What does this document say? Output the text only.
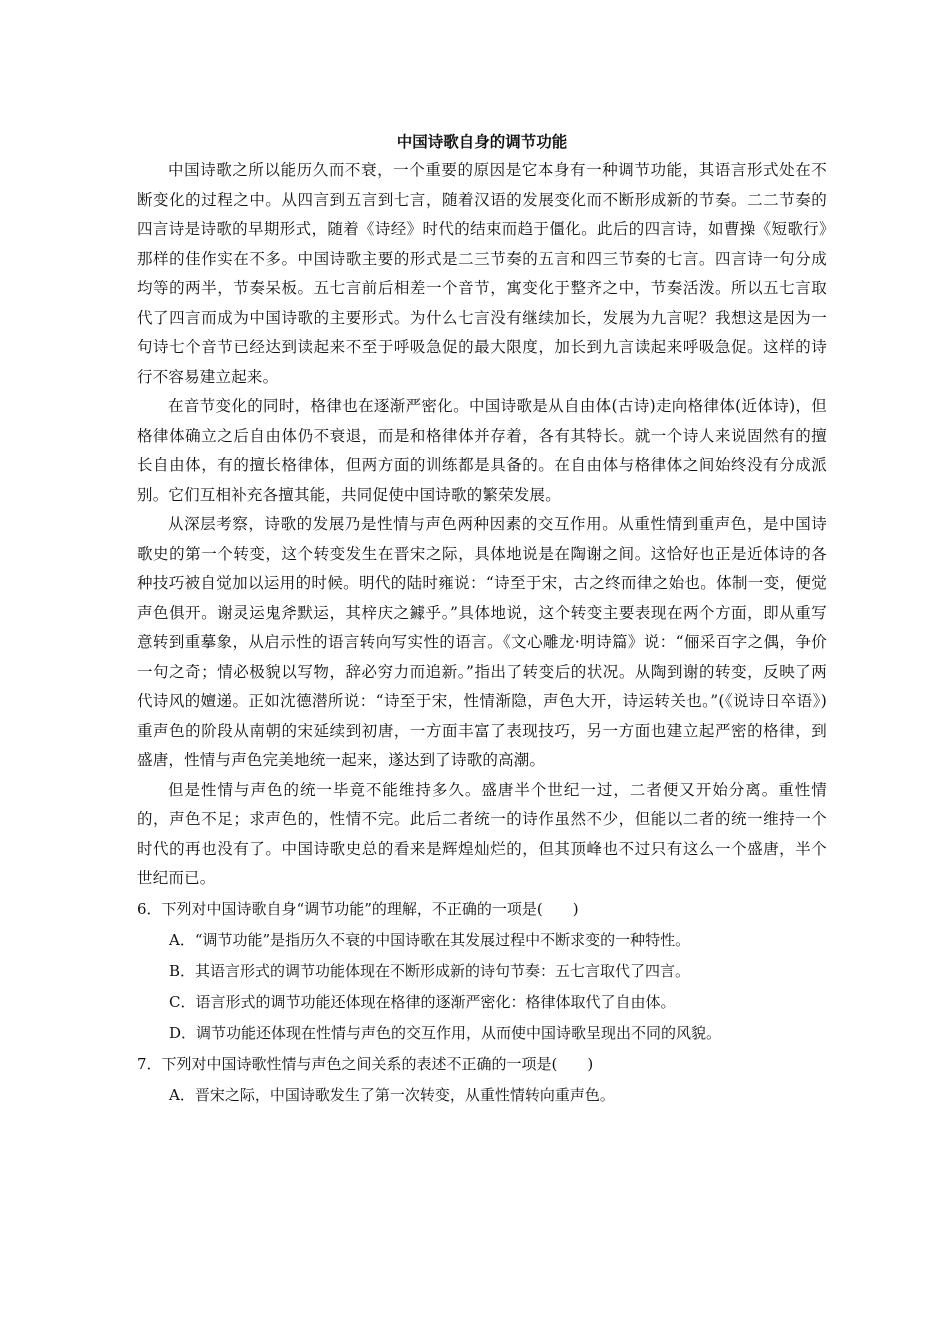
中国诗歌自身的调节功能

中国诗歌之所以能历久而不衰，一个重要的原因是它本身有一种调节功能，其语言形式处在不断变化的过程之中。从四言到五言到七言，随着汉语的发展变化而不断形成新的节奏。二二节奏的四言诗是诗歌的早期形式，随着《诗经》时代的结束而趋于僵化。此后的四言诗，如曹操《短歌行》那样的佳作实在不多。中国诗歌主要的形式是二三节奏的五言和四三节奏的七言。四言诗一句分成均等的两半，节奏呆板。五七言前后相差一个音节，寓变化于整齐之中，节奏活泼。所以五七言取代了四言而成为中国诗歌的主要形式。为什么七言没有继续加长，发展为九言呢？我想这是因为一句诗七个音节已经达到读起来不至于呼吸急促的最大限度，加长到九言读起来呼吸急促。这样的诗行不容易建立起来。

在音节变化的同时，格律也在逐渐严密化。中国诗歌是从自由体(古诗)走向格律体(近体诗)，但格律体确立之后自由体仍不衰退，而是和格律体并存着，各有其特长。就一个诗人来说固然有的擅长自由体，有的擅长格律体，但两方面的训练都是具备的。在自由体与格律体之间始终没有分成派别。它们互相补充各擅其能，共同促使中国诗歌的繁荣发展。

从深层考察，诗歌的发展乃是性情与声色两种因素的交互作用。从重性情到重声色，是中国诗歌史的第一个转变，这个转变发生在晋宋之际，具体地说是在陶谢之间。这恰好也正是近体诗的各种技巧被自觉加以运用的时候。明代的陆时雍说：“诗至于宋，古之终而律之始也。体制一变，便觉声色俱开。谢灵运鬼斧默运，其梓庆之鐻乎。”具体地说，这个转变主要表现在两个方面，即从重写意转到重摹象，从启示性的语言转向写实性的语言。《文心雕龙·明诗篇》说：“俪采百字之偶，争价一句之奇；情必极貌以写物，辞必穷力而追新。”指出了转变后的状况。从陶到谢的转变，反映了两代诗风的嬗递。正如沈德潜所说：“诗至于宋，性情渐隐，声色大开，诗运转关也。”(《说诗日卒语》)重声色的阶段从南朝的宋延续到初唐，一方面丰富了表现技巧，另一方面也建立起严密的格律，到盛唐，性情与声色完美地统一起来，遂达到了诗歌的高潮。

但是性情与声色的统一毕竟不能维持多久。盛唐半个世纪一过，二者便又开始分离。重性情的，声色不足；求声色的，性情不完。此后二者统一的诗作虽然不少，但能以二者的统一维持一个时代的再也没有了。中国诗歌史总的看来是辉煌灿烂的，但其顶峰也不过只有这么一个盛唐，半个世纪而已。

6．下列对中国诗歌自身“调节功能”的理解，不正确的一项是(　　)

A．“调节功能”是指历久不衰的中国诗歌在其发展过程中不断求变的一种特性。

B．其语言形式的调节功能体现在不断形成新的诗句节奏：五七言取代了四言。

C．语言形式的调节功能还体现在格律的逐渐严密化：格律体取代了自由体。

D．调节功能还体现在性情与声色的交互作用，从而使中国诗歌呈现出不同的风貌。

7．下列对中国诗歌性情与声色之间关系的表述不正确的一项是(　　)

A．晋宋之际，中国诗歌发生了第一次转变，从重性情转向重声色。
